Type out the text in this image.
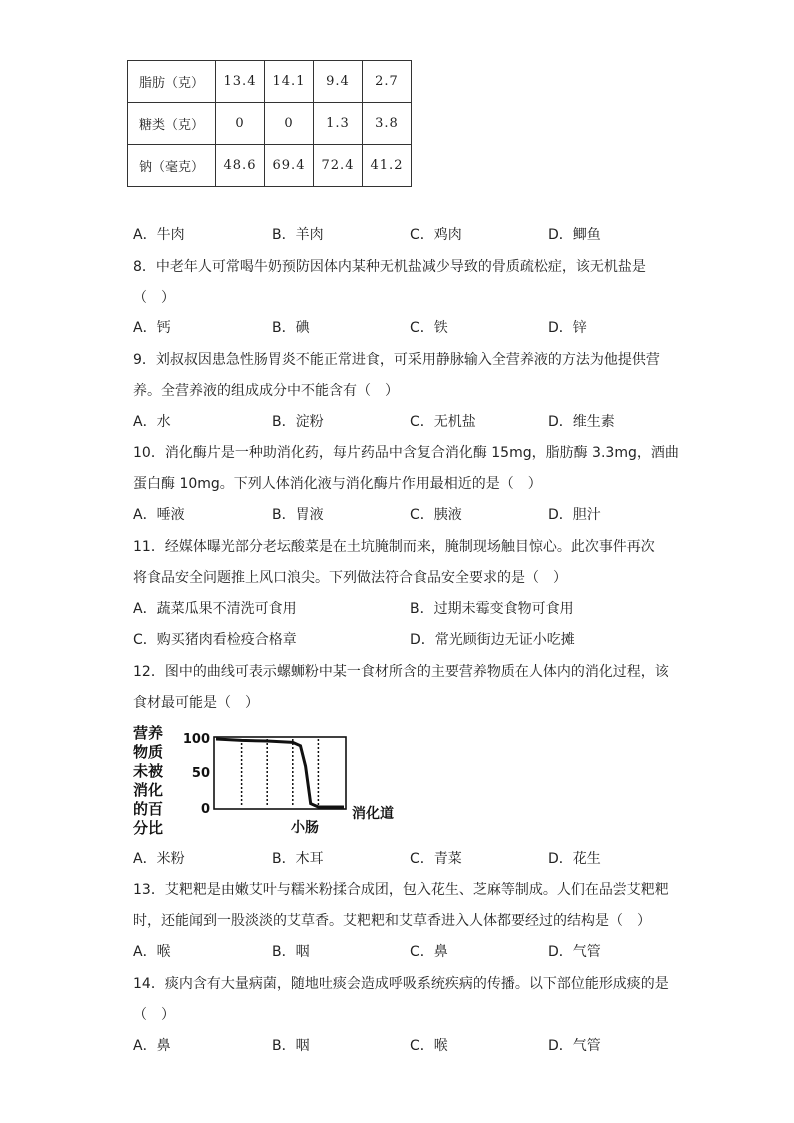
脂肪（克）	13.4	14.1	9.4	2.7
糖类（克）	0	0	1.3	3.8
钠（毫克）	48.6	69.4	72.4	41.2
A．牛肉	B．羊肉	C．鸡肉	D．鲫鱼
8．中老年人可常喝牛奶预防因体内某种无机盐减少导致的骨质疏松症，该无机盐是
（　）
A．钙	B．碘	C．铁	D．锌
9．刘叔叔因患急性肠胃炎不能正常进食，可采用静脉输入全营养液的方法为他提供营
养。全营养液的组成成分中不能含有（　）
A．水	B．淀粉	C．无机盐	D．维生素
10．消化酶片是一种助消化药，每片药品中含复合消化酶 15mg，脂肪酶 3.3mg，酒曲
蛋白酶 10mg。下列人体消化液与消化酶片作用最相近的是（　）
A．唾液	B．胃液	C．胰液	D．胆汁
11．经媒体曝光部分老坛酸菜是在土坑腌制而来，腌制现场触目惊心。此次事件再次
将食品安全问题推上风口浪尖。下列做法符合食品安全要求的是（　）
A．蔬菜瓜果不清洗可食用	B．过期未霉变食物可食用
C．购买猪肉看检疫合格章	D．常光顾街边无证小吃摊
12．图中的曲线可表示螺蛳粉中某一食材所含的主要营养物质在人体内的消化过程，该
食材最可能是（　）
营养
物质
未被
消化
的百
分比
100
50
0
小肠
消化道
A．米粉	B．木耳	C．青菜	D．花生
13．艾粑粑是由嫩艾叶与糯米粉揉合成团，包入花生、芝麻等制成。人们在品尝艾粑粑
时，还能闻到一股淡淡的艾草香。艾粑粑和艾草香进入人体都要经过的结构是（　）
A．喉	B．咽	C．鼻	D．气管
14．痰内含有大量病菌，随地吐痰会造成呼吸系统疾病的传播。以下部位能形成痰的是
（　）
A．鼻	B．咽	C．喉	D．气管
